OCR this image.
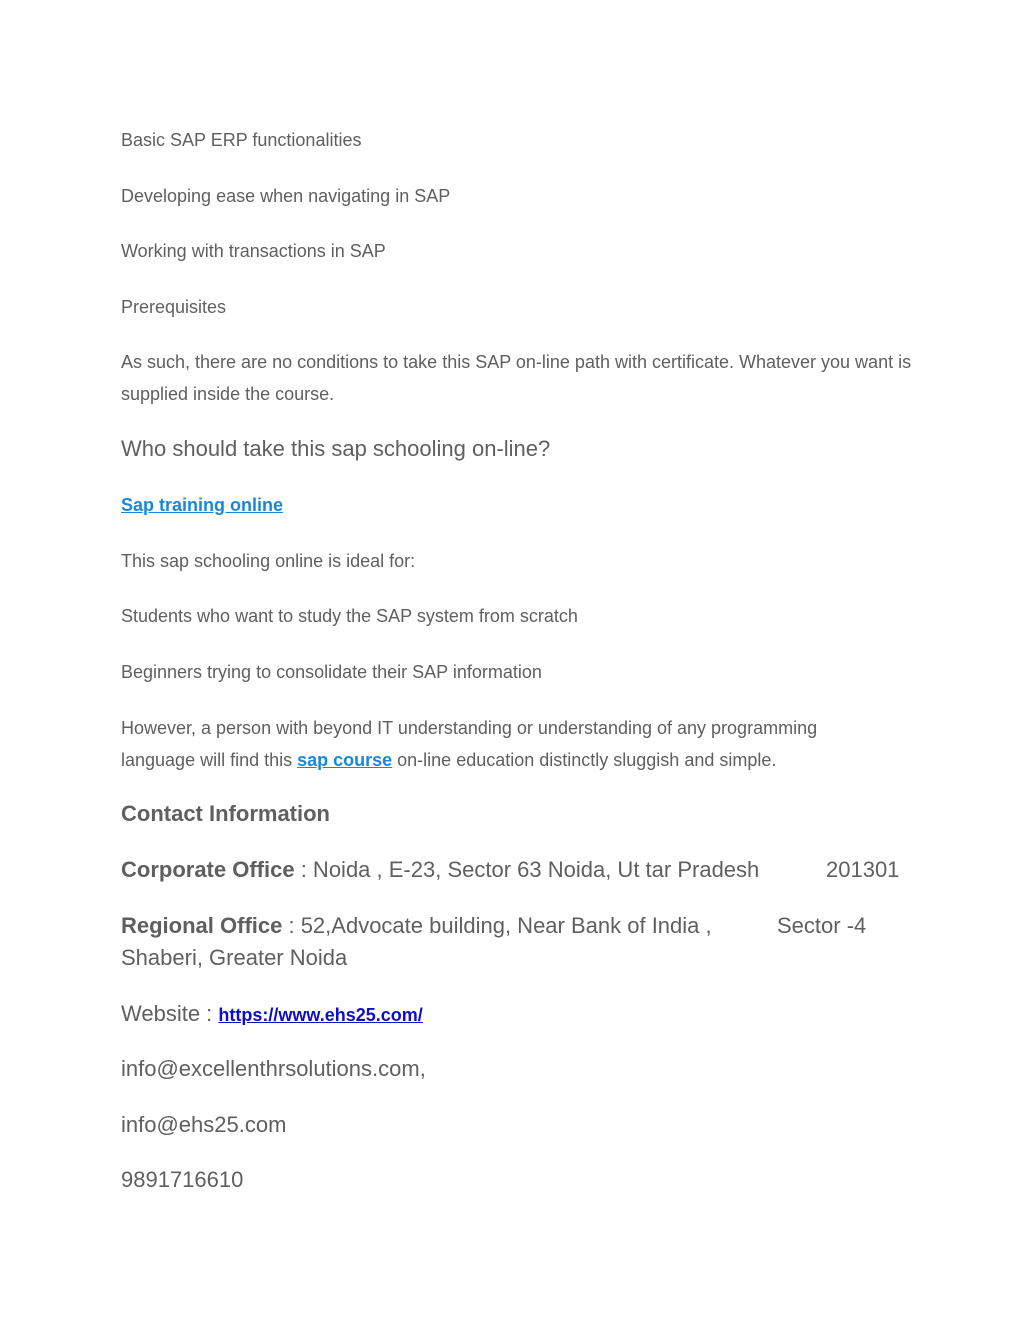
Basic SAP ERP functionalities
Developing ease when navigating in SAP
Working with transactions in SAP
Prerequisites
As such, there are no conditions to take this SAP on-line path with certificate. Whatever you want is supplied inside the course.
Who should take this sap schooling on-line?
Sap training online
This sap schooling online is ideal for:
Students who want to study the SAP system from scratch
Beginners trying to consolidate their SAP information
However, a person with beyond IT understanding or understanding of any programming language will find this sap course on-line education distinctly sluggish and simple.
Contact Information
Corporate Office : Noida , E-23, Sector 63 Noida, Ut tar Pradesh	201301
Regional Office : 52,Advocate building, Near Bank of India ,	Sector -4
Shaberi, Greater Noida
Website : https://www.ehs25.com/
info@excellenthrsolutions.com,
info@ehs25.com
9891716610
